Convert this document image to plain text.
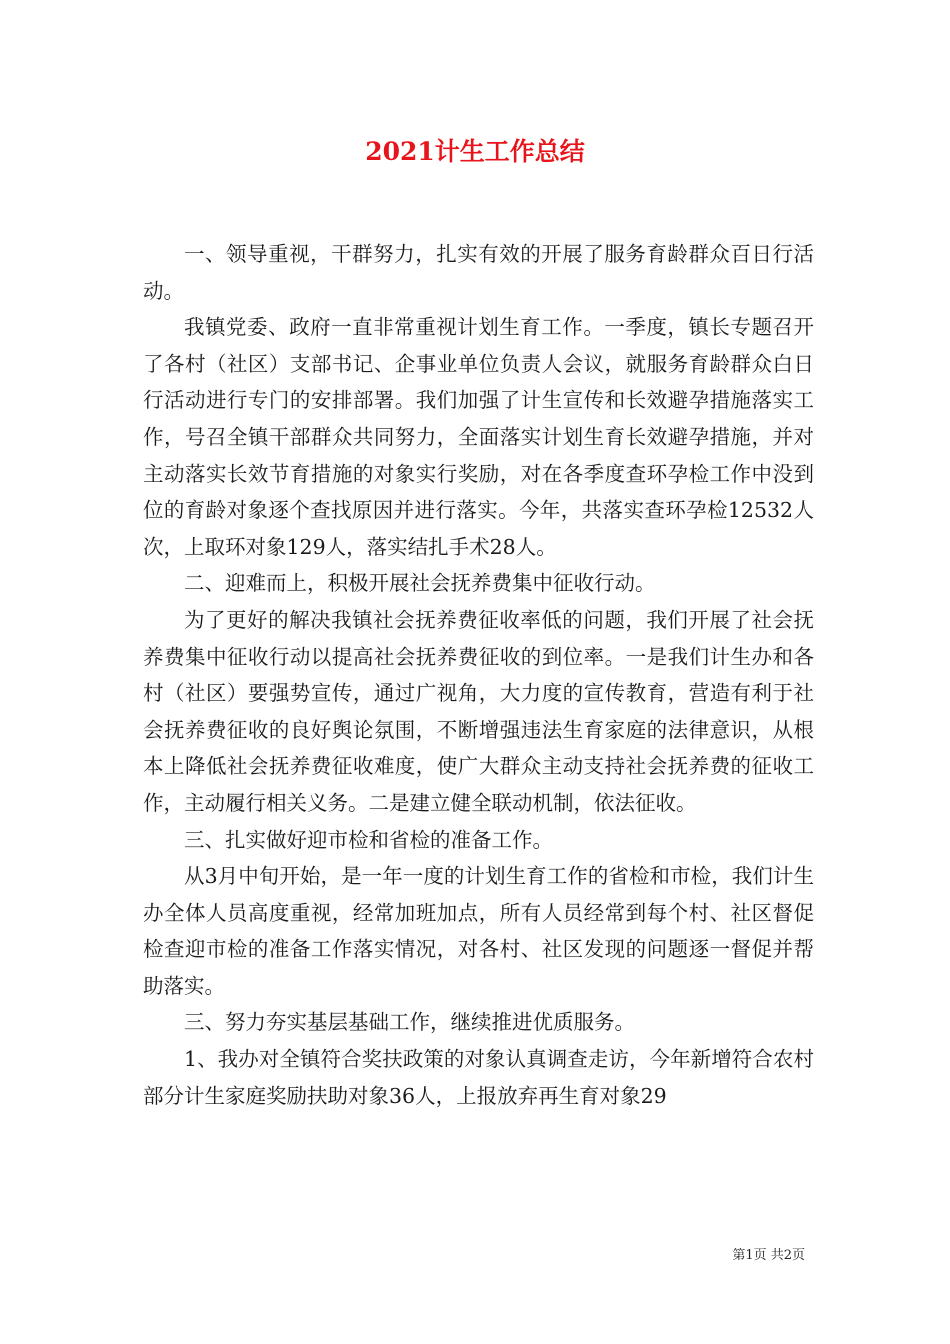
2021计生工作总结

一、领导重视，干群努力，扎实有效的开展了服务育龄群众百日行活动。

我镇党委、政府一直非常重视计划生育工作。一季度，镇长专题召开了各村（社区）支部书记、企事业单位负责人会议，就服务育龄群众白日行活动进行专门的安排部署。我们加强了计生宣传和长效避孕措施落实工作，号召全镇干部群众共同努力，全面落实计划生育长效避孕措施，并对主动落实长效节育措施的对象实行奖励，对在各季度查环孕检工作中没到位的育龄对象逐个查找原因并进行落实。今年，共落实查环孕检12532人次，上取环对象129人，落实结扎手术28人。

二、迎难而上，积极开展社会抚养费集中征收行动。

为了更好的解决我镇社会抚养费征收率低的问题，我们开展了社会抚养费集中征收行动以提高社会抚养费征收的到位率。一是我们计生办和各村（社区）要强势宣传，通过广视角，大力度的宣传教育，营造有利于社会抚养费征收的良好舆论氛围，不断增强违法生育家庭的法律意识，从根本上降低社会抚养费征收难度，使广大群众主动支持社会抚养费的征收工作，主动履行相关义务。二是建立健全联动机制，依法征收。

三、扎实做好迎市检和省检的准备工作。

从3月中旬开始，是一年一度的计划生育工作的省检和市检，我们计生办全体人员高度重视，经常加班加点，所有人员经常到每个村、社区督促检查迎市检的准备工作落实情况，对各村、社区发现的问题逐一督促并帮助落实。

三、努力夯实基层基础工作，继续推进优质服务。

1、我办对全镇符合奖扶政策的对象认真调查走访，今年新增符合农村部分计生家庭奖励扶助对象36人，上报放弃再生育对象29

第1页 共2页
